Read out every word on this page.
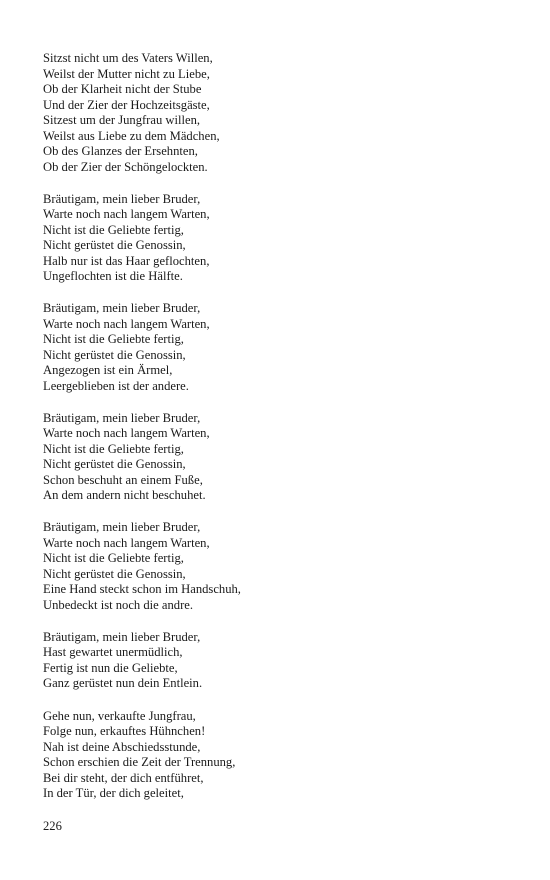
Sitzst nicht um des Vaters Willen,
Weilst der Mutter nicht zu Liebe,
Ob der Klarheit nicht der Stube
Und der Zier der Hochzeitsgäste,
Sitzest um der Jungfrau willen,
Weilst aus Liebe zu dem Mädchen,
Ob des Glanzes der Ersehnten,
Ob der Zier der Schöngelockten.
Bräutigam, mein lieber Bruder,
Warte noch nach langem Warten,
Nicht ist die Geliebte fertig,
Nicht gerüstet die Genossin,
Halb nur ist das Haar geflochten,
Ungeflochten ist die Hälfte.
Bräutigam, mein lieber Bruder,
Warte noch nach langem Warten,
Nicht ist die Geliebte fertig,
Nicht gerüstet die Genossin,
Angezogen ist ein Ärmel,
Leergeblieben ist der andere.
Bräutigam, mein lieber Bruder,
Warte noch nach langem Warten,
Nicht ist die Geliebte fertig,
Nicht gerüstet die Genossin,
Schon beschuht an einem Fuße,
An dem andern nicht beschuhet.
Bräutigam, mein lieber Bruder,
Warte noch nach langem Warten,
Nicht ist die Geliebte fertig,
Nicht gerüstet die Genossin,
Eine Hand steckt schon im Handschuh,
Unbedeckt ist noch die andre.
Bräutigam, mein lieber Bruder,
Hast gewartet unermüdlich,
Fertig ist nun die Geliebte,
Ganz gerüstet nun dein Entlein.
Gehe nun, verkaufte Jungfrau,
Folge nun, erkauftes Hühnchen!
Nah ist deine Abschiedsstunde,
Schon erschien die Zeit der Trennung,
Bei dir steht, der dich entführet,
In der Tür, der dich geleitet,
226
